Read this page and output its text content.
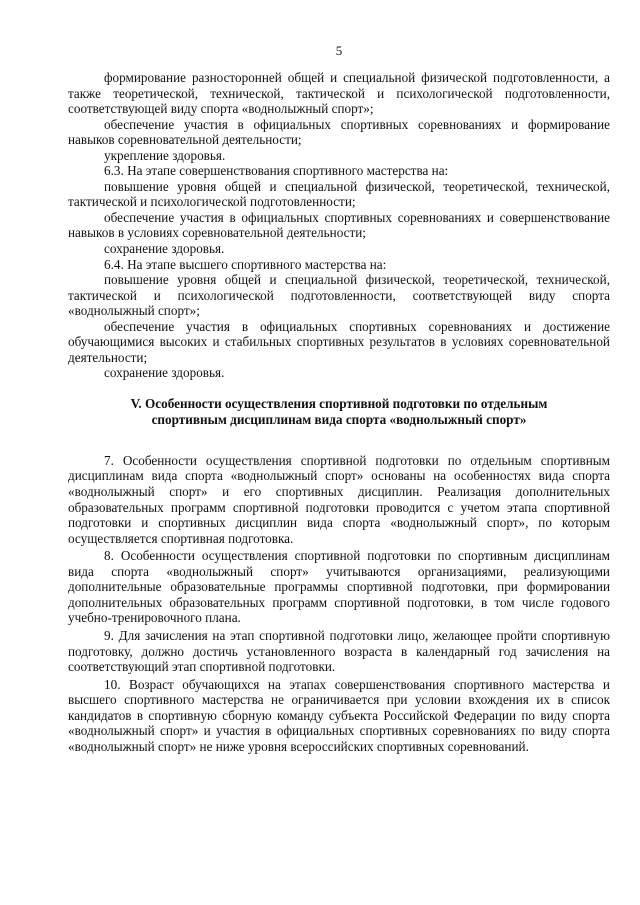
5

формирование разносторонней общей и специальной физической подготовленности, а также теоретической, технической, тактической и психологической подготовленности, соответствующей виду спорта «воднолыжный спорт»;

обеспечение участия в официальных спортивных соревнованиях и формирование навыков соревновательной деятельности;

укрепление здоровья.

6.3. На этапе совершенствования спортивного мастерства на:

повышение уровня общей и специальной физической, теоретической, технической, тактической и психологической подготовленности;

обеспечение участия в официальных спортивных соревнованиях и совершенствование навыков в условиях соревновательной деятельности;

сохранение здоровья.

6.4. На этапе высшего спортивного мастерства на:

повышение уровня общей и специальной физической, теоретической, технической, тактической и психологической подготовленности, соответствующей виду спорта «воднолыжный спорт»;

обеспечение участия в официальных спортивных соревнованиях и достижение обучающимися высоких и стабильных спортивных результатов в условиях соревновательной деятельности;

сохранение здоровья.

V. Особенности осуществления спортивной подготовки по отдельным спортивным дисциплинам вида спорта «воднолыжный спорт»

7. Особенности осуществления спортивной подготовки по отдельным спортивным дисциплинам вида спорта «воднолыжный спорт» основаны на особенностях вида спорта «воднолыжный спорт» и его спортивных дисциплин. Реализация дополнительных образовательных программ спортивной подготовки проводится с учетом этапа спортивной подготовки и спортивных дисциплин вида спорта «воднолыжный спорт», по которым осуществляется спортивная подготовка.

8. Особенности осуществления спортивной подготовки по спортивным дисциплинам вида спорта «воднолыжный спорт» учитываются организациями, реализующими дополнительные образовательные программы спортивной подготовки, при формировании дополнительных образовательных программ спортивной подготовки, в том числе годового учебно-тренировочного плана.

9. Для зачисления на этап спортивной подготовки лицо, желающее пройти спортивную подготовку, должно достичь установленного возраста в календарный год зачисления на соответствующий этап спортивной подготовки.

10. Возраст обучающихся на этапах совершенствования спортивного мастерства и высшего спортивного мастерства не ограничивается при условии вхождения их в список кандидатов в спортивную сборную команду субъекта Российской Федерации по виду спорта «воднолыжный спорт» и участия в официальных спортивных соревнованиях по виду спорта «воднолыжный спорт» не ниже уровня всероссийских спортивных соревнований.
